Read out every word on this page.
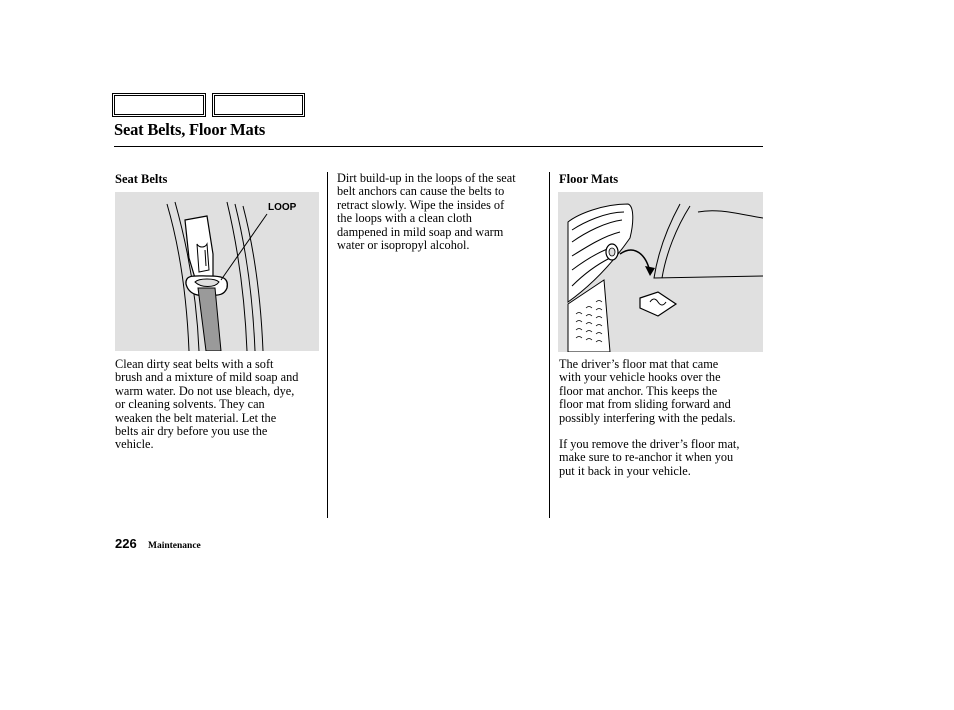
Seat Belts, Floor Mats
Seat Belts
LOOP
Clean dirty seat belts with a soft
brush and a mixture of mild soap and
warm water. Do not use bleach, dye,
or cleaning solvents. They can
weaken the belt material. Let the
belts air dry before you use the
vehicle.
Dirt build-up in the loops of the seat
belt anchors can cause the belts to
retract slowly. Wipe the insides of
the loops with a clean cloth
dampened in mild soap and warm
water or isopropyl alcohol.
Floor Mats
The driver’s floor mat that came
with your vehicle hooks over the
floor mat anchor. This keeps the
floor mat from sliding forward and
possibly interfering with the pedals.
If you remove the driver’s floor mat,
make sure to re-anchor it when you
put it back in your vehicle.
226 Maintenance
